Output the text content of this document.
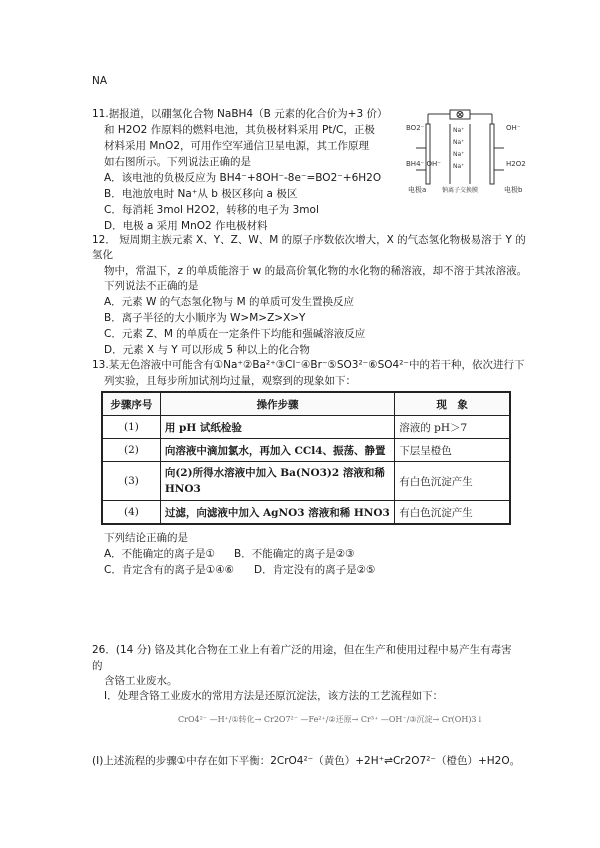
NA
11.据报道，以硼氢化合物 NaBH4（B 元素的化合价为+3 价）
和 H2O2 作原料的燃料电池，其负极材料采用 Pt/C，正极
材料采用 MnO2，可用作空军通信卫星电源，其工作原理
如右图所示。下列说法正确的是
A．该电池的负极反应为 BH4⁻+8OH⁻-8e⁻=BO2⁻+6H2O
B．电池放电时 Na⁺从 b 极区移向 a 极区
C．每消耗 3mol H2O2，转移的电子为 3mol
D．电极 a 采用 MnO2 作电极材料
BO2⁻	OH⁻
BH4⁻ OH⁻	H2O2
Na⁺
Na⁺
Na⁺
Na⁺
电极a	钠离子交换膜	电极b
12． 短周期主族元素 X、Y、Z、W、M 的原子序数依次增大，X 的气态氢化物极易溶于 Y 的
氢化
物中，常温下，z 的单质能溶于 w 的最高价氧化物的水化物的稀溶液，却不溶于其浓溶液。
下列说法不正确的是
A．元素 W 的气态氢化物与 M 的单质可发生置换反应
B．离子半径的大小顺序为 W>M>Z>X>Y
C．元素 Z、M 的单质在一定条件下均能和强碱溶液反应
D．元素 X 与 Y 可以形成 5 种以上的化合物
13.某无色溶液中可能含有①Na⁺②Ba²⁺③Cl⁻④Br⁻⑤SO3²⁻⑥SO4²⁻中的若干种，依次进行下
列实验，且每步所加试剂均过量，观察到的现象如下：
步骤序号	操作步骤	现　象
(1)	用 pH 试纸检验	溶液的 pH＞7
(2)	向溶液中滴加氯水，再加入 CCl4、振荡、静置	下层呈橙色
(3)	向(2)所得水溶液中加入 Ba(NO3)2 溶液和稀 HNO3	有白色沉淀产生
(4)	过滤，向滤液中加入 AgNO3 溶液和稀 HNO3	有白色沉淀产生
下列结论正确的是
A．不能确定的离子是① B．不能确定的离子是②③
C．肯定含有的离子是①④⑥ D．肯定没有的离子是②⑤
26．(14 分) 铬及其化合物在工业上有着广泛的用途，但在生产和使用过程中易产生有毒害
的
含铬工业废水。
Ⅰ．处理含铬工业废水的常用方法是还原沉淀法，该方法的工艺流程如下：
CrO4²⁻ —H⁺/①转化→ Cr2O7²⁻ —Fe²⁺/②还原→ Cr³⁺ —OH⁻/③沉淀→ Cr(OH)3↓
(Ⅰ)上述流程的步骤①中存在如下平衡：2CrO4²⁻（黄色）+2H⁺⇌Cr2O7²⁻（橙色）+H2O。
